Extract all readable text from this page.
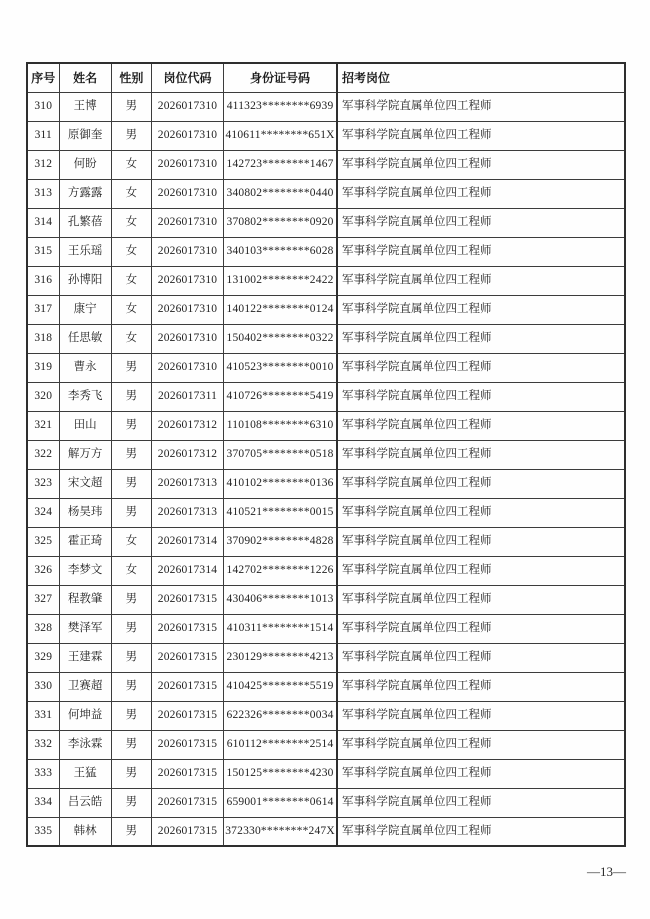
序号	姓名	性别	岗位代码	身份证号码	招考岗位
310	王博	男	2026017310	411323********6939	军事科学院直属单位四工程师
311	原御奎	男	2026017310	410611********651X	军事科学院直属单位四工程师
312	何盼	女	2026017310	142723********1467	军事科学院直属单位四工程师
313	方露露	女	2026017310	340802********0440	军事科学院直属单位四工程师
314	孔繁蓓	女	2026017310	370802********0920	军事科学院直属单位四工程师
315	王乐瑶	女	2026017310	340103********6028	军事科学院直属单位四工程师
316	孙博阳	女	2026017310	131002********2422	军事科学院直属单位四工程师
317	康宁	女	2026017310	140122********0124	军事科学院直属单位四工程师
318	任思敏	女	2026017310	150402********0322	军事科学院直属单位四工程师
319	曹永	男	2026017310	410523********0010	军事科学院直属单位四工程师
320	李秀飞	男	2026017311	410726********5419	军事科学院直属单位四工程师
321	田山	男	2026017312	110108********6310	军事科学院直属单位四工程师
322	解万方	男	2026017312	370705********0518	军事科学院直属单位四工程师
323	宋文超	男	2026017313	410102********0136	军事科学院直属单位四工程师
324	杨昊玮	男	2026017313	410521********0015	军事科学院直属单位四工程师
325	霍正琦	女	2026017314	370902********4828	军事科学院直属单位四工程师
326	李梦文	女	2026017314	142702********1226	军事科学院直属单位四工程师
327	程教肇	男	2026017315	430406********1013	军事科学院直属单位四工程师
328	樊泽军	男	2026017315	410311********1514	军事科学院直属单位四工程师
329	王建霖	男	2026017315	230129********4213	军事科学院直属单位四工程师
330	卫赛超	男	2026017315	410425********5519	军事科学院直属单位四工程师
331	何坤益	男	2026017315	622326********0034	军事科学院直属单位四工程师
332	李泳霖	男	2026017315	610112********2514	军事科学院直属单位四工程师
333	王猛	男	2026017315	150125********4230	军事科学院直属单位四工程师
334	吕云皓	男	2026017315	659001********0614	军事科学院直属单位四工程师
335	韩林	男	2026017315	372330********247X	军事科学院直属单位四工程师
—13—
